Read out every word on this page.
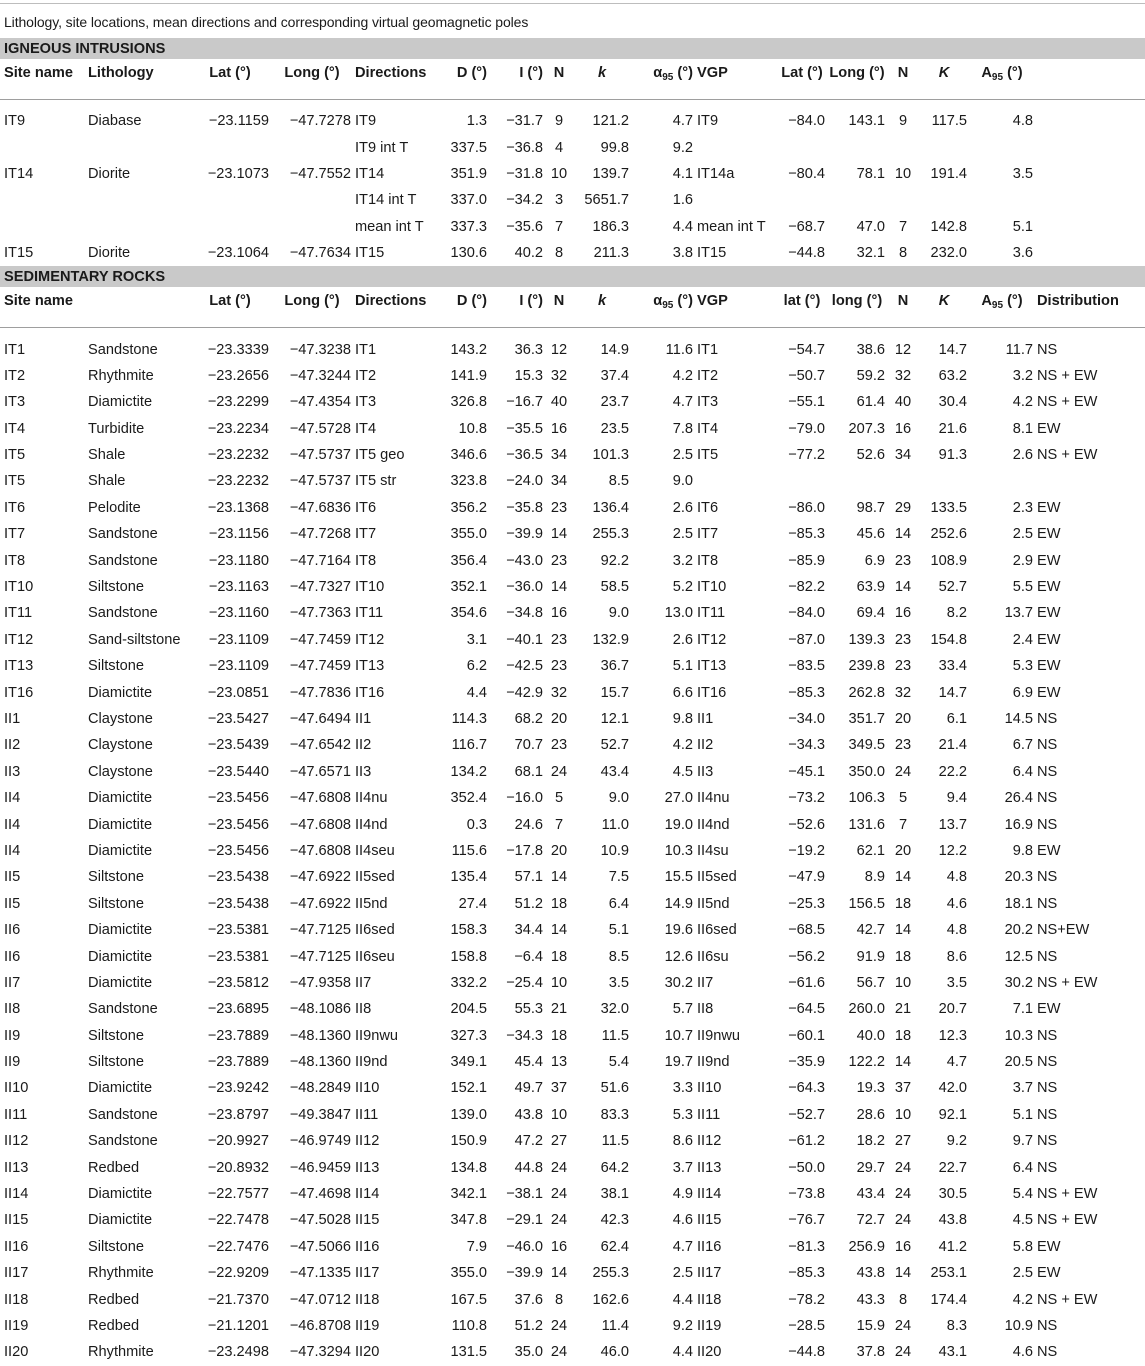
Lithology, site locations, mean directions and corresponding virtual geomagnetic poles
IGNEOUS INTRUSIONS																
Site name	Lithology	Lat (°)	Long (°)	Directions	D (°)	I (°)	N	k	$\alpha_{95}$ (°)	VGP	Lat (°)	Long (°)	N	K	$A_{95}$ (°)	

IT9	Diabase	−23.1159	−47.7278	IT9	1.3	−31.7	9	121.2	4.7	IT9	−84.0	143.1	9	117.5	4.8	
				IT9 int T	337.5	−36.8	4	99.8	9.2							
IT14	Diorite	−23.1073	−47.7552	IT14	351.9	−31.8	10	139.7	4.1	IT14a	−80.4	78.1	10	191.4	3.5	
				IT14 int T	337.0	−34.2	3	5651.7	1.6							
				mean int T	337.3	−35.6	7	186.3	4.4	mean int T	−68.7	47.0	7	142.8	5.1	
IT15	Diorite	−23.1064	−47.7634	IT15	130.6	40.2	8	211.3	3.8	IT15	−44.8	32.1	8	232.0	3.6	
SEDIMENTARY ROCKS																
Site name		Lat (°)	Long (°)	Directions	D (°)	I (°)	N	k	$\alpha_{95}$ (°)	VGP	lat (°)	long (°)	N	K	$A_{95}$ (°)	Distribution

IT1	Sandstone	−23.3339	−47.3238	IT1	143.2	36.3	12	14.9	11.6	IT1	−54.7	38.6	12	14.7	11.7	NS
IT2	Rhythmite	−23.2656	−47.3244	IT2	141.9	15.3	32	37.4	4.2	IT2	−50.7	59.2	32	63.2	3.2	NS + EW
IT3	Diamictite	−23.2299	−47.4354	IT3	326.8	−16.7	40	23.7	4.7	IT3	−55.1	61.4	40	30.4	4.2	NS + EW
IT4	Turbidite	−23.2234	−47.5728	IT4	10.8	−35.5	16	23.5	7.8	IT4	−79.0	207.3	16	21.6	8.1	EW
IT5	Shale	−23.2232	−47.5737	IT5 geo	346.6	−36.5	34	101.3	2.5	IT5	−77.2	52.6	34	91.3	2.6	NS + EW
IT5	Shale	−23.2232	−47.5737	IT5 str	323.8	−24.0	34	8.5	9.0							
IT6	Pelodite	−23.1368	−47.6836	IT6	356.2	−35.8	23	136.4	2.6	IT6	−86.0	98.7	29	133.5	2.3	EW
IT7	Sandstone	−23.1156	−47.7268	IT7	355.0	−39.9	14	255.3	2.5	IT7	−85.3	45.6	14	252.6	2.5	EW
IT8	Sandstone	−23.1180	−47.7164	IT8	356.4	−43.0	23	92.2	3.2	IT8	−85.9	6.9	23	108.9	2.9	EW
IT10	Siltstone	−23.1163	−47.7327	IT10	352.1	−36.0	14	58.5	5.2	IT10	−82.2	63.9	14	52.7	5.5	EW
IT11	Sandstone	−23.1160	−47.7363	IT11	354.6	−34.8	16	9.0	13.0	IT11	−84.0	69.4	16	8.2	13.7	EW
IT12	Sand-siltstone	−23.1109	−47.7459	IT12	3.1	−40.1	23	132.9	2.6	IT12	−87.0	139.3	23	154.8	2.4	EW
IT13	Siltstone	−23.1109	−47.7459	IT13	6.2	−42.5	23	36.7	5.1	IT13	−83.5	239.8	23	33.4	5.3	EW
IT16	Diamictite	−23.0851	−47.7836	IT16	4.4	−42.9	32	15.7	6.6	IT16	−85.3	262.8	32	14.7	6.9	EW
II1	Claystone	−23.5427	−47.6494	II1	114.3	68.2	20	12.1	9.8	II1	−34.0	351.7	20	6.1	14.5	NS
II2	Claystone	−23.5439	−47.6542	II2	116.7	70.7	23	52.7	4.2	II2	−34.3	349.5	23	21.4	6.7	NS
II3	Claystone	−23.5440	−47.6571	II3	134.2	68.1	24	43.4	4.5	II3	−45.1	350.0	24	22.2	6.4	NS
II4	Diamictite	−23.5456	−47.6808	II4nu	352.4	−16.0	5	9.0	27.0	II4nu	−73.2	106.3	5	9.4	26.4	NS
II4	Diamictite	−23.5456	−47.6808	II4nd	0.3	24.6	7	11.0	19.0	II4nd	−52.6	131.6	7	13.7	16.9	NS
II4	Diamictite	−23.5456	−47.6808	II4seu	115.6	−17.8	20	10.9	10.3	II4su	−19.2	62.1	20	12.2	9.8	EW
II5	Siltstone	−23.5438	−47.6922	II5sed	135.4	57.1	14	7.5	15.5	II5sed	−47.9	8.9	14	4.8	20.3	NS
II5	Siltstone	−23.5438	−47.6922	II5nd	27.4	51.2	18	6.4	14.9	II5nd	−25.3	156.5	18	4.6	18.1	NS
II6	Diamictite	−23.5381	−47.7125	II6sed	158.3	34.4	14	5.1	19.6	II6sed	−68.5	42.7	14	4.8	20.2	NS+EW
II6	Diamictite	−23.5381	−47.7125	II6seu	158.8	−6.4	18	8.5	12.6	II6su	−56.2	91.9	18	8.6	12.5	NS
II7	Diamictite	−23.5812	−47.9358	II7	332.2	−25.4	10	3.5	30.2	II7	−61.6	56.7	10	3.5	30.2	NS + EW
II8	Sandstone	−23.6895	−48.1086	II8	204.5	55.3	21	32.0	5.7	II8	−64.5	260.0	21	20.7	7.1	EW
II9	Siltstone	−23.7889	−48.1360	II9nwu	327.3	−34.3	18	11.5	10.7	II9nwu	−60.1	40.0	18	12.3	10.3	NS
II9	Siltstone	−23.7889	−48.1360	II9nd	349.1	45.4	13	5.4	19.7	II9nd	−35.9	122.2	14	4.7	20.5	NS
II10	Diamictite	−23.9242	−48.2849	II10	152.1	49.7	37	51.6	3.3	II10	−64.3	19.3	37	42.0	3.7	NS
II11	Sandstone	−23.8797	−49.3847	II11	139.0	43.8	10	83.3	5.3	II11	−52.7	28.6	10	92.1	5.1	NS
II12	Sandstone	−20.9927	−46.9749	II12	150.9	47.2	27	11.5	8.6	II12	−61.2	18.2	27	9.2	9.7	NS
II13	Redbed	−20.8932	−46.9459	II13	134.8	44.8	24	64.2	3.7	II13	−50.0	29.7	24	22.7	6.4	NS
II14	Diamictite	−22.7577	−47.4698	II14	342.1	−38.1	24	38.1	4.9	II14	−73.8	43.4	24	30.5	5.4	NS + EW
II15	Diamictite	−22.7478	−47.5028	II15	347.8	−29.1	24	42.3	4.6	II15	−76.7	72.7	24	43.8	4.5	NS + EW
II16	Siltstone	−22.7476	−47.5066	II16	7.9	−46.0	16	62.4	4.7	II16	−81.3	256.9	16	41.2	5.8	EW
II17	Rhythmite	−22.9209	−47.1335	II17	355.0	−39.9	14	255.3	2.5	II17	−85.3	43.8	14	253.1	2.5	EW
II18	Redbed	−21.7370	−47.0712	II18	167.5	37.6	8	162.6	4.4	II18	−78.2	43.3	8	174.4	4.2	NS + EW
II19	Redbed	−21.1201	−46.8708	II19	110.8	51.2	24	11.4	9.2	II19	−28.5	15.9	24	8.3	10.9	NS
II20	Rhythmite	−23.2498	−47.3294	II20	131.5	35.0	24	46.0	4.4	II20	−44.8	37.8	24	43.1	4.6	NS
